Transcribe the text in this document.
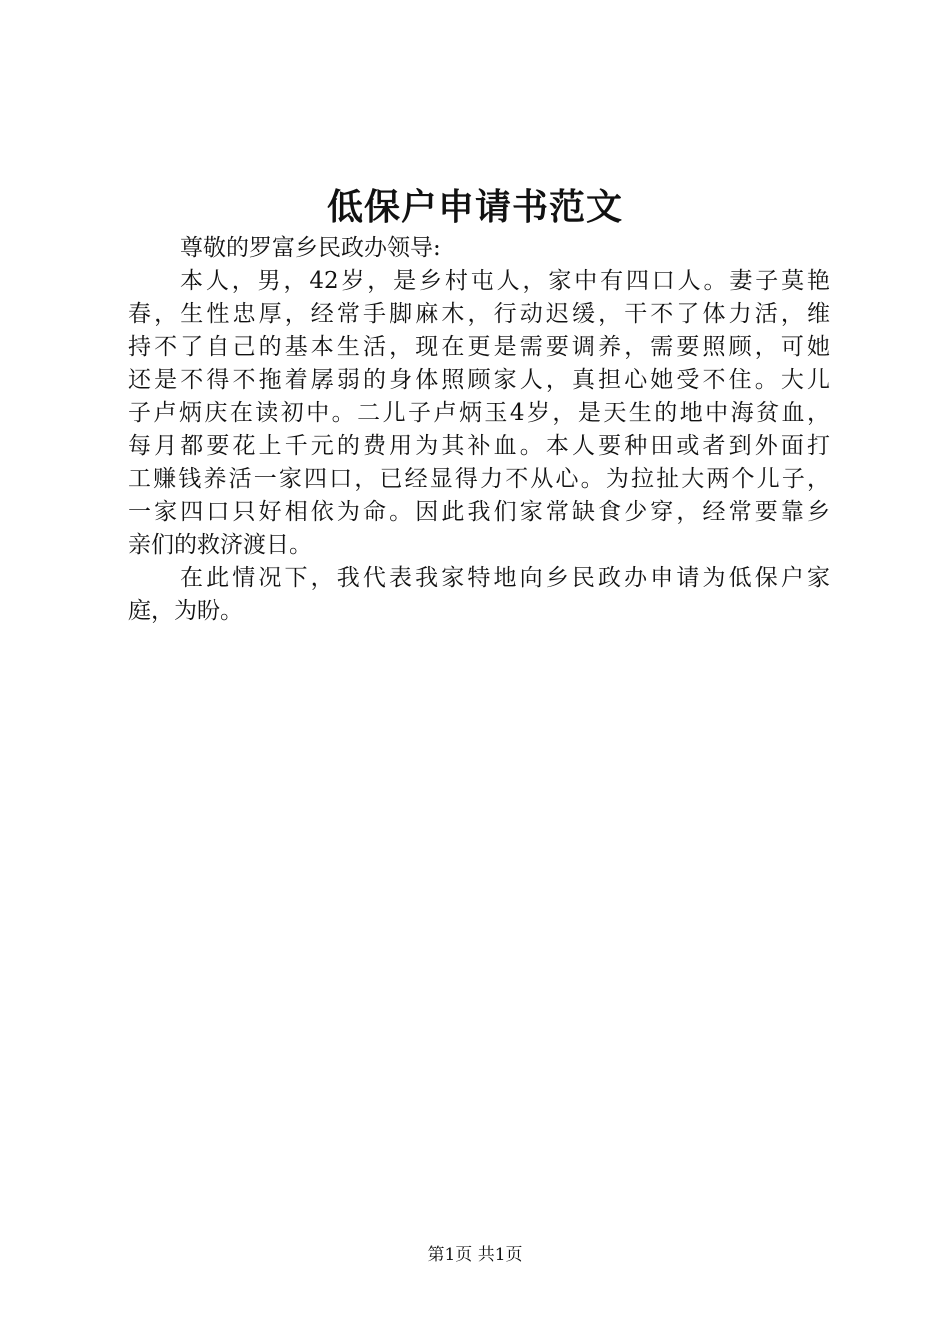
低保户申请书范文
尊敬的罗富乡民政办领导:
本人，男，42岁，是乡村屯人，家中有四口人。妻子莫艳
春，生性忠厚，经常手脚麻木，行动迟缓，干不了体力活，维
持不了自己的基本生活，现在更是需要调养，需要照顾，可她
还是不得不拖着孱弱的身体照顾家人，真担心她受不住。大儿
子卢炳庆在读初中。二儿子卢炳玉4岁，是天生的地中海贫血，
每月都要花上千元的费用为其补血。本人要种田或者到外面打
工赚钱养活一家四口，已经显得力不从心。为拉扯大两个儿子，
一家四口只好相依为命。因此我们家常缺食少穿，经常要靠乡
亲们的救济渡日。
在此情况下，我代表我家特地向乡民政办申请为低保户家
庭，为盼。
第1页 共1页
